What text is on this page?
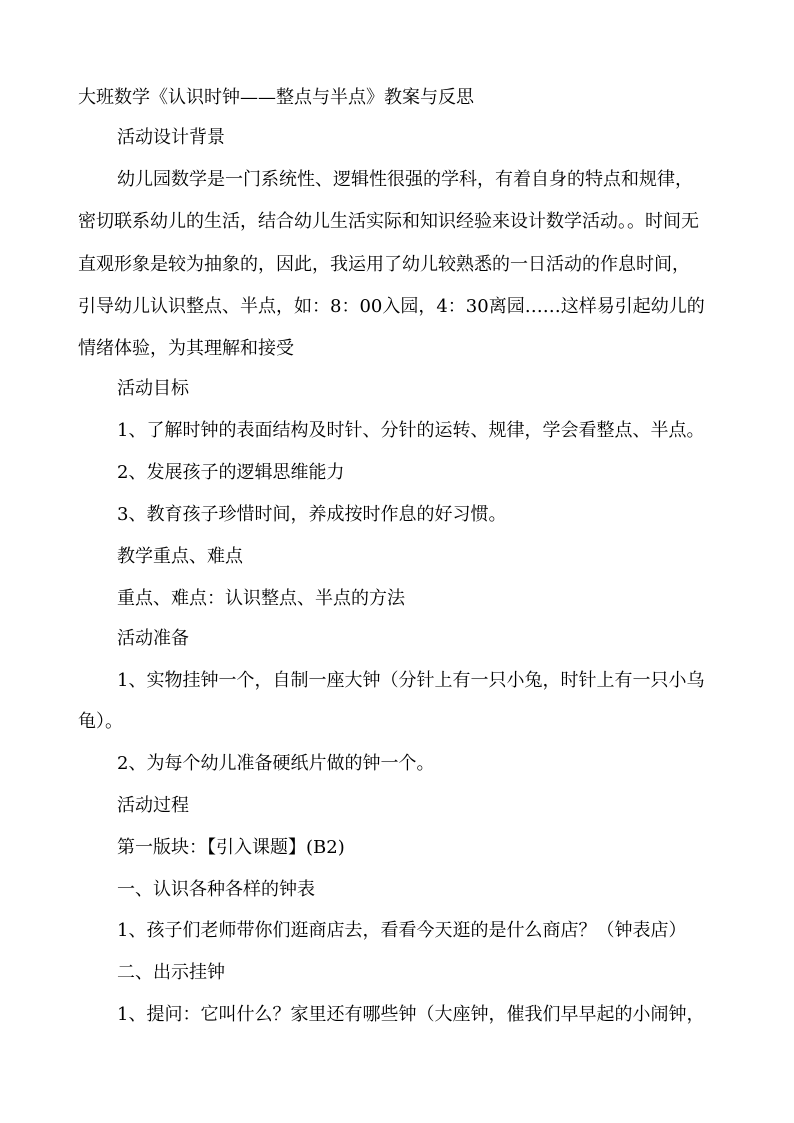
大班数学《认识时钟——整点与半点》教案与反思
活动设计背景
幼儿园数学是一门系统性、逻辑性很强的学科，有着自身的特点和规律，
密切联系幼儿的生活，结合幼儿生活实际和知识经验来设计数学活动。。时间无
直观形象是较为抽象的，因此，我运用了幼儿较熟悉的一日活动的作息时间，
引导幼儿认识整点、半点，如：8：00入园，4：30离园……这样易引起幼儿的
情绪体验，为其理解和接受
活动目标
1、了解时钟的表面结构及时针、分针的运转、规律，学会看整点、半点。
2、发展孩子的逻辑思维能力
3、教育孩子珍惜时间，养成按时作息的好习惯。
教学重点、难点
重点、难点：认识整点、半点的方法
活动准备
1、实物挂钟一个，自制一座大钟（分针上有一只小兔，时针上有一只小乌
龟）。
2、为每个幼儿准备硬纸片做的钟一个。
活动过程
第一版块：【引入课题】(B2)
一、认识各种各样的钟表
1、孩子们老师带你们逛商店去，看看今天逛的是什么商店？（钟表店）
二、出示挂钟
1、提问：它叫什么？家里还有哪些钟（大座钟，催我们早早起的小闹钟，
